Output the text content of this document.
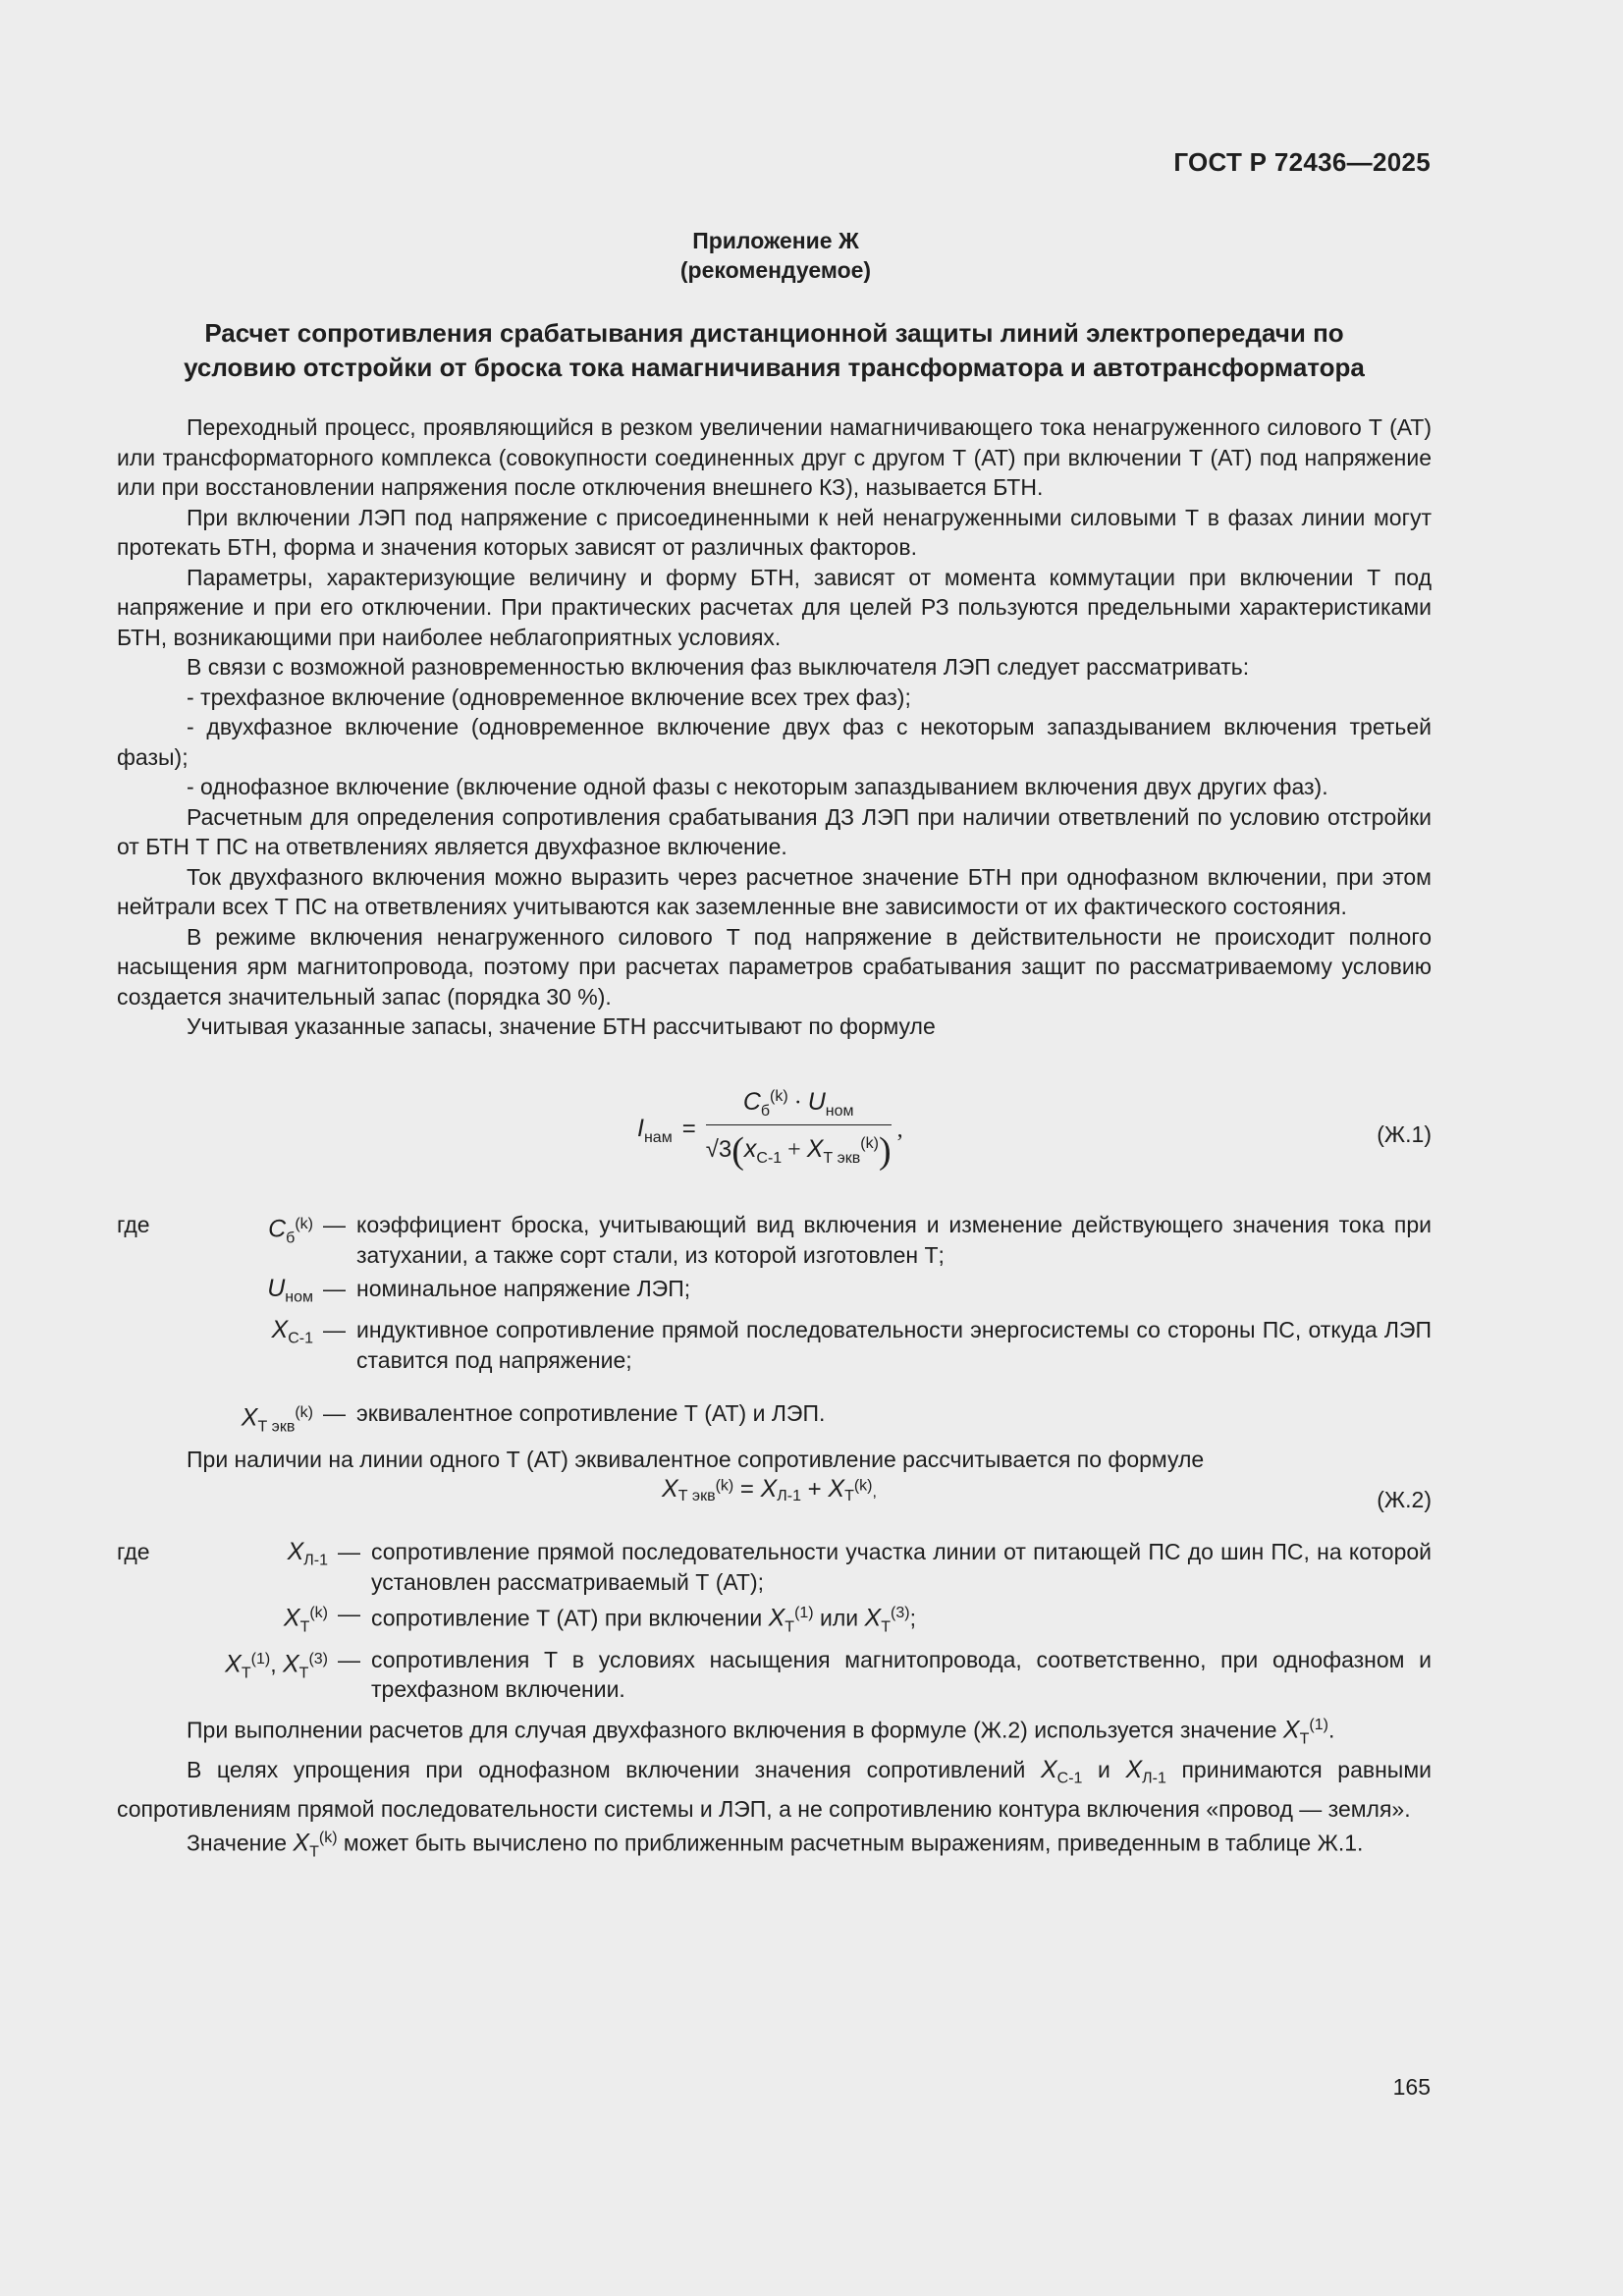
ГОСТ Р 72436—2025
Приложение Ж
(рекомендуемое)
Расчет сопротивления срабатывания дистанционной защиты линий электропередачи по
условию отстройки от броска тока намагничивания трансформатора и автотрансформатора

Переходный процесс, проявляющийся в резком увеличении намагничивающего тока ненагруженного силового Т (АТ) или трансформаторного комплекса (совокупности соединенных друг с другом Т (АТ) при включении Т (АТ) под напряжение или при восстановлении напряжения после отключения внешнего КЗ), называется БТН.

При включении ЛЭП под напряжение с присоединенными к ней ненагруженными силовыми Т в фазах линии могут протекать БТН, форма и значения которых зависят от различных факторов.

Параметры, характеризующие величину и форму БТН, зависят от момента коммутации при включении Т под напряжение и при его отключении. При практических расчетах для целей РЗ пользуются предельными характеристиками БТН, возникающими при наиболее неблагоприятных условиях.

В связи с возможной разновременностью включения фаз выключателя ЛЭП следует рассматривать:

- трехфазное включение (одновременное включение всех трех фаз);

- двухфазное включение (одновременное включение двух фаз с некоторым запаздыванием включения третьей фазы);

- однофазное включение (включение одной фазы с некоторым запаздыванием включения двух других фаз).

Расчетным для определения сопротивления срабатывания ДЗ ЛЭП при наличии ответвлений по условию отстройки от БТН Т ПС на ответвлениях является двухфазное включение.

Ток двухфазного включения можно выразить через расчетное значение БТН при однофазном включении, при этом нейтрали всех Т ПС на ответвлениях учитываются как заземленные вне зависимости от их фактического состояния.

В режиме включения ненагруженного силового Т под напряжение в действительности не происходит полного насыщения ярм магнитопровода, поэтому при расчетах параметров срабатывания защит по рассматриваемому условию создается значительный запас (порядка 30 %).

Учитывая указанные запасы, значение БТН рассчитывают по формуле

$I_{нам} = \frac{C_б^{(k)} \cdot U_{ном}}{√3(x_{С-1} + X_{Т экв}^{(k)})}$ ,	(Ж.1)
где	$C_б^{(k)}$ — коэффициент броска, учитывающий вид включения и изменение действующего значения тока при затухании, а также сорт стали, из которой изготовлен Т;
$U_{ном}$ — номинальное напряжение ЛЭП;
$X_{С-1}$ — индуктивное сопротивление прямой последовательности энергосистемы со стороны ПС, откуда ЛЭП ставится под напряжение;
$X_{Т экв}^{(k)}$ — эквивалентное сопротивление Т (АТ) и ЛЭП.
При наличии на линии одного Т (АТ) эквивалентное сопротивление рассчитывается по формуле
$X_{Т экв}^{(k)} = X_{Л-1} + X_Т^{(k)}$,	(Ж.2)
где	$X_{Л-1}$ — сопротивление прямой последовательности участка линии от питающей ПС до шин ПС, на которой установлен рассматриваемый Т (АТ);
$X_Т^{(k)}$ — сопротивление Т (АТ) при включении $X_Т^{(1)}$ или $X_Т^{(3)}$;
$X_Т^{(1)}$, $X_Т^{(3)}$ — сопротивления Т в условиях насыщения магнитопровода, соответственно, при однофазном и трехфазном включении.
При выполнении расчетов для случая двухфазного включения в формуле (Ж.2) используется значение $X_Т^{(1)}$.
В целях упрощения при однофазном включении значения сопротивлений $X_{С-1}$ и $X_{Л-1}$ принимаются равными сопротивлениям прямой последовательности системы и ЛЭП, а не сопротивлению контура включения «провод — земля».
Значение $X_Т^{(k)}$ может быть вычислено по приближенным расчетным выражениям, приведенным в таблице Ж.1.
165
